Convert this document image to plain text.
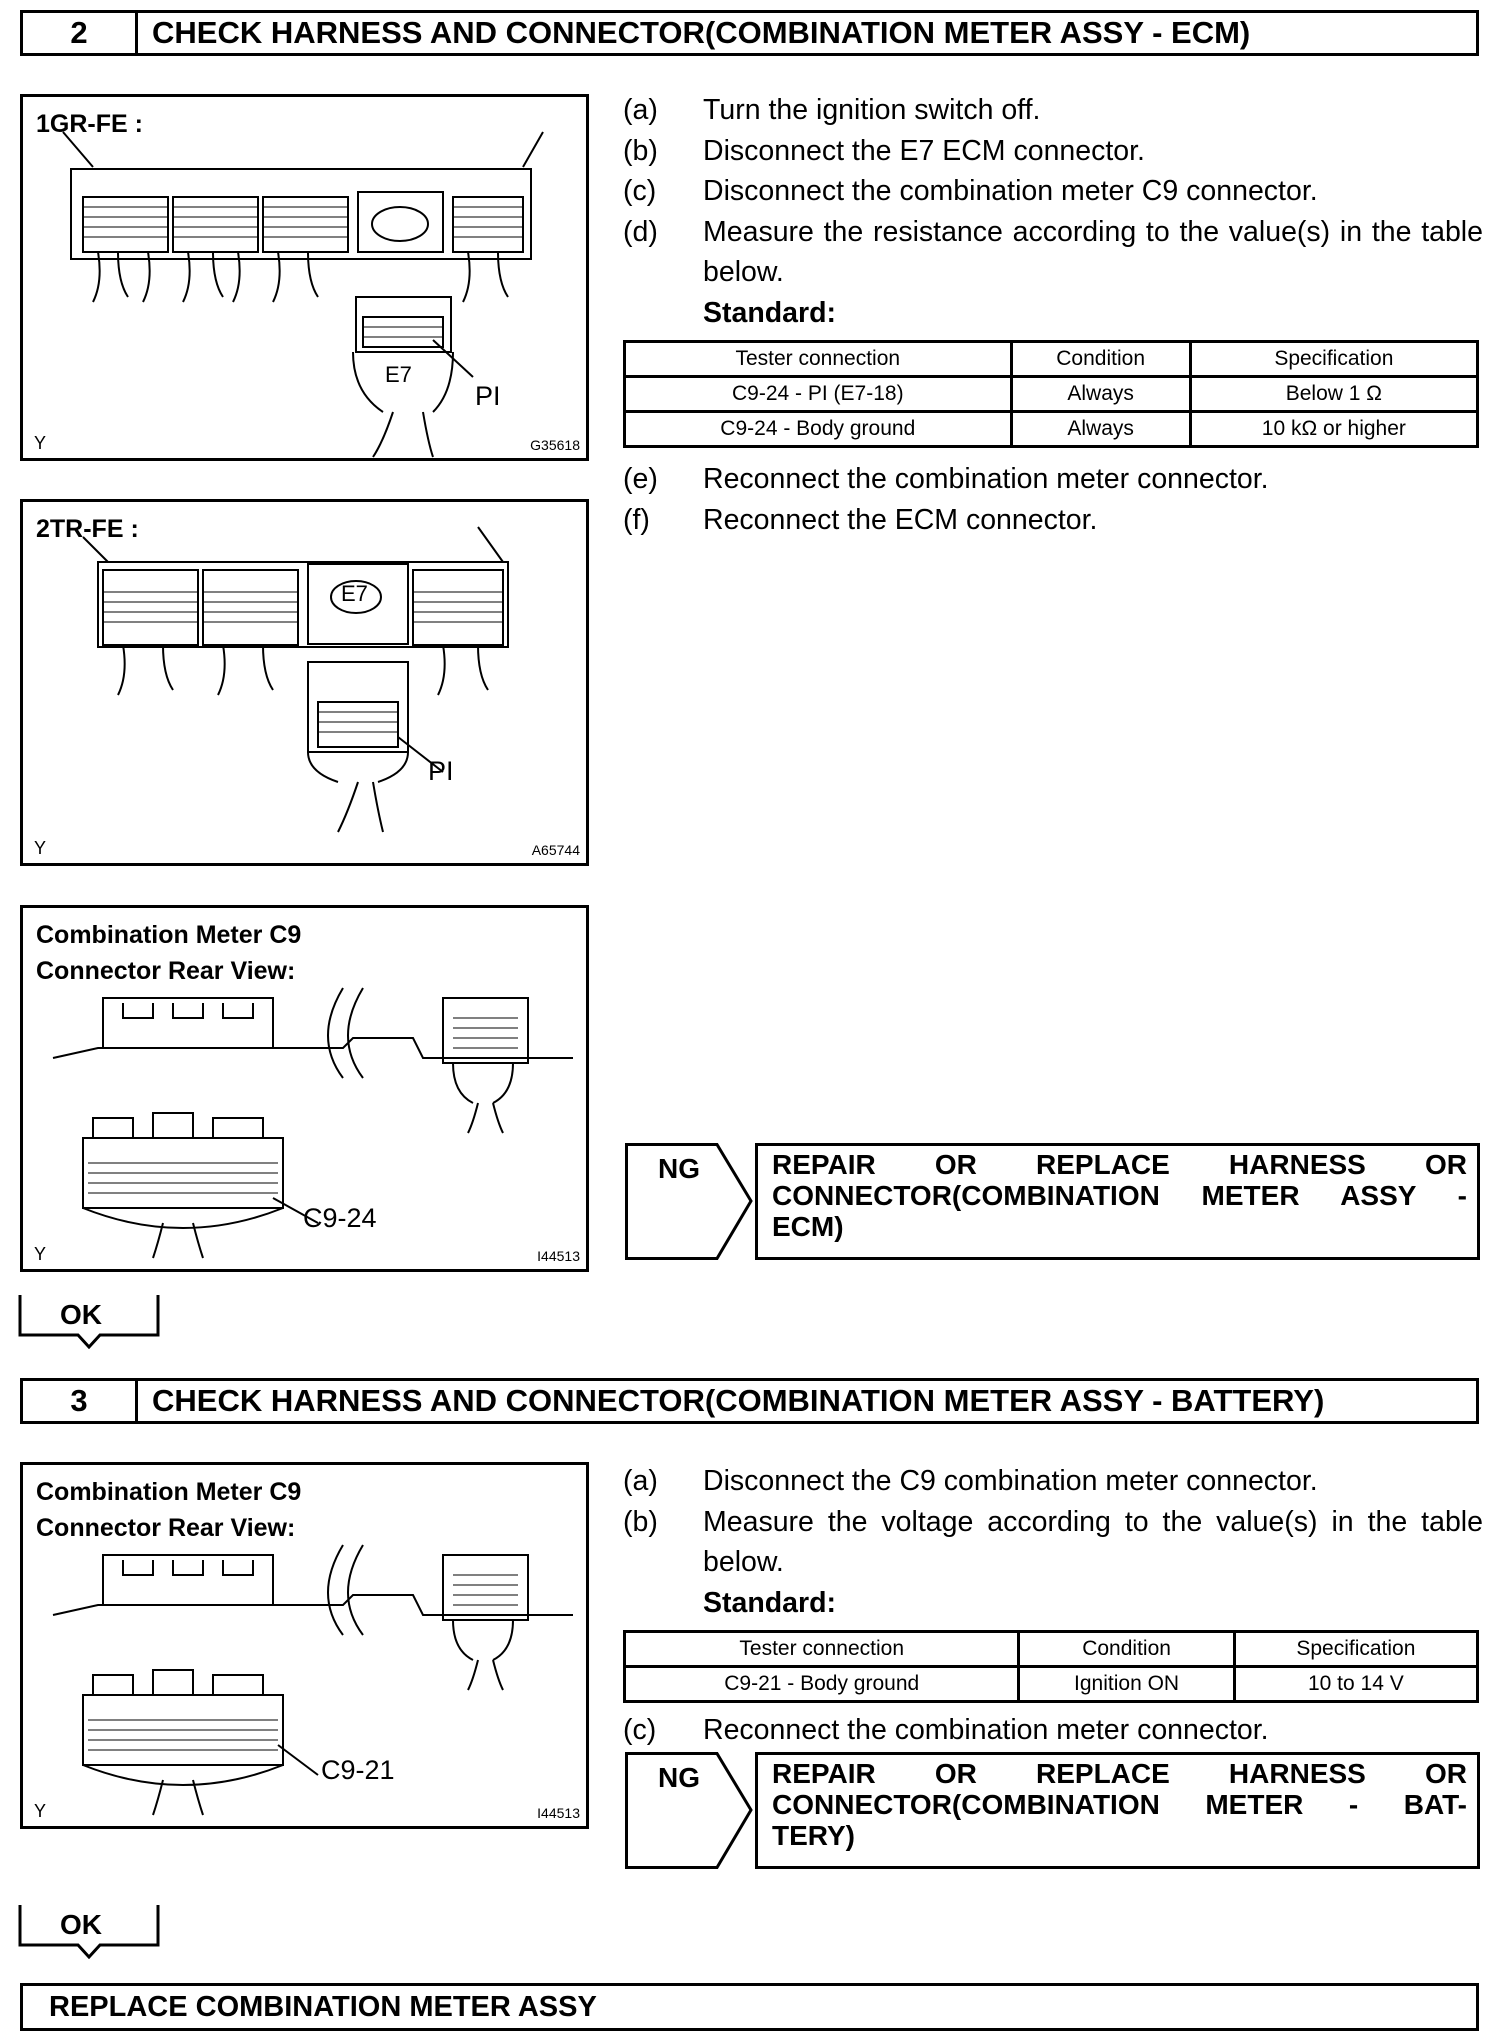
2	CHECK HARNESS AND CONNECTOR(COMBINATION METER ASSY - ECM)
1GR-FE :
E7
PI
Y	G35618
2TR-FE :
E7
PI
Y	A65744
Combination Meter C9
Connector Rear View:
C9-24
Y	I44513
(a)	Turn the ignition switch off.
(b)	Disconnect the E7 ECM connector.
(c)	Disconnect the combination meter C9 connector.
(d)	Measure the resistance according to the value(s) in the table below.
Standard:
Tester connection	Condition	Specification
C9-24 - PI (E7-18)	Always	Below 1 Ω
C9-24 - Body ground	Always	10 kΩ or higher
(e)	Reconnect the combination meter connector.
(f)	Reconnect the ECM connector.
NG	REPAIR OR REPLACE HARNESS OR
CONNECTOR(COMBINATION METER ASSY -
ECM)
OK
3	CHECK HARNESS AND CONNECTOR(COMBINATION METER ASSY - BATTERY)
Combination Meter C9
Connector Rear View:
C9-21
Y	I44513
(a)	Disconnect the C9 combination meter connector.
(b)	Measure the voltage according to the value(s) in the table below.
Standard:
Tester connection	Condition	Specification
C9-21 - Body ground	Ignition ON	10 to 14 V
(c)	Reconnect the combination meter connector.
NG	REPAIR OR REPLACE HARNESS OR
CONNECTOR(COMBINATION METER - BAT-
TERY)
OK
REPLACE COMBINATION METER ASSY
